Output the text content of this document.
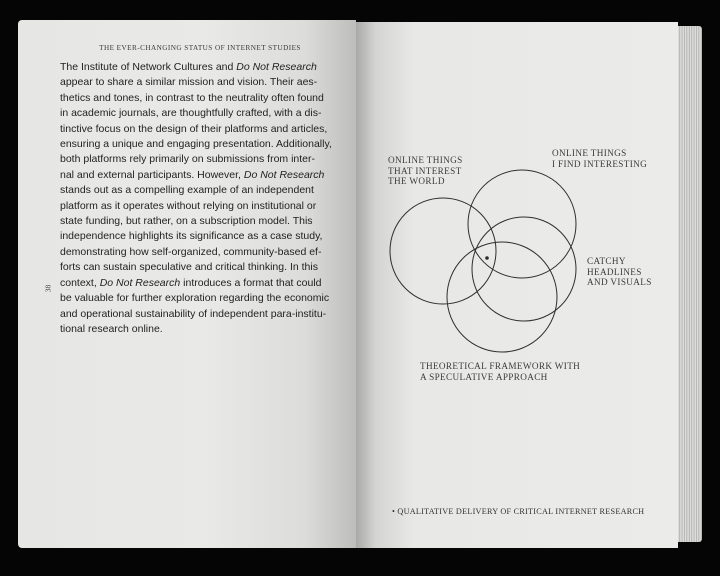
THE EVER-CHANGING STATUS OF INTERNET STUDIES

The Institute of Network Cultures and Do Not Research
appear to share a similar mission and vision. Their aes-
thetics and tones, in contrast to the neutrality often found
in academic journals, are thoughtfully crafted, with a dis-
tinctive focus on the design of their platforms and articles,
ensuring a unique and engaging presentation. Additionally,
both platforms rely primarily on submissions from inter-
nal and external participants. However, Do Not Research
stands out as a compelling example of an independent
platform as it operates without relying on institutional or
state funding, but rather, on a subscription model. This
independence highlights its significance as a case study,
demonstrating how self-organized, community-based ef-
forts can sustain speculative and critical thinking. In this
context, Do Not Research introduces a format that could
be valuable for further exploration regarding the economic
and operational sustainability of independent para-institu-
tional research online.

38
ONLINE THINGS
THAT INTEREST
THE WORLD
ONLINE THINGS
I FIND INTERESTING
CATCHY
HEADLINES
AND VISUALS
THEORETICAL FRAMEWORK WITH
A SPECULATIVE APPROACH
• QUALITATIVE DELIVERY OF CRITICAL INTERNET RESEARCH
